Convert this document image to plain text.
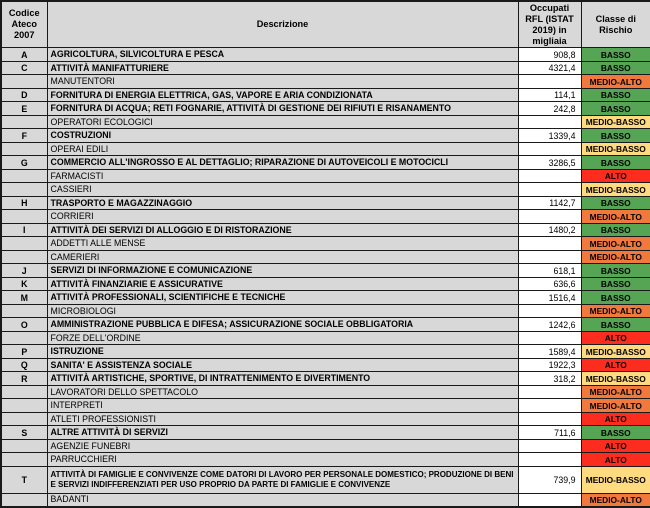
Codice Ateco 2007	Descrizione	Occupati RFL (ISTAT 2019) in migliaia	Classe di Rischio
A	AGRICOLTURA, SILVICOLTURA E PESCA	908,8	BASSO
C	ATTIVITÀ MANIFATTURIERE	4321,4	BASSO
	MANUTENTORI		MEDIO-ALTO
D	FORNITURA DI ENERGIA ELETTRICA, GAS, VAPORE E ARIA CONDIZIONATA	114,1	BASSO
E	FORNITURA DI ACQUA; RETI FOGNARIE, ATTIVITÀ DI GESTIONE DEI RIFIUTI E RISANAMENTO	242,8	BASSO
	OPERATORI ECOLOGICI		MEDIO-BASSO
F	COSTRUZIONI	1339,4	BASSO
	OPERAI EDILI		MEDIO-BASSO
G	COMMERCIO ALL'INGROSSO E AL DETTAGLIO; RIPARAZIONE DI AUTOVEICOLI E MOTOCICLI	3286,5	BASSO
	FARMACISTI		ALTO
	CASSIERI		MEDIO-BASSO
H	TRASPORTO E MAGAZZINAGGIO	1142,7	BASSO
	CORRIERI		MEDIO-ALTO
I	ATTIVITÀ DEI SERVIZI DI ALLOGGIO E DI RISTORAZIONE	1480,2	BASSO
	ADDETTI ALLE MENSE		MEDIO-ALTO
	CAMERIERI		MEDIO-ALTO
J	SERVIZI DI INFORMAZIONE E COMUNICAZIONE	618,1	BASSO
K	ATTIVITÀ FINANZIARIE E ASSICURATIVE	636,6	BASSO
M	ATTIVITÀ PROFESSIONALI, SCIENTIFICHE E TECNICHE	1516,4	BASSO
	MICROBIOLOGI		MEDIO-ALTO
O	AMMINISTRAZIONE PUBBLICA E DIFESA; ASSICURAZIONE SOCIALE OBBLIGATORIA	1242,6	BASSO
	FORZE DELL'ORDINE		ALTO
P	ISTRUZIONE	1589,4	MEDIO-BASSO
Q	SANITA' E ASSISTENZA SOCIALE	1922,3	ALTO
R	ATTIVITÀ ARTISTICHE, SPORTIVE, DI INTRATTENIMENTO E DIVERTIMENTO	318,2	MEDIO-BASSO
	LAVORATORI DELLO SPETTACOLO		MEDIO-ALTO
	INTERPRETI		MEDIO-ALTO
	ATLETI PROFESSIONISTI		ALTO
S	ALTRE ATTIVITÀ DI SERVIZI	711,6	BASSO
	AGENZIE FUNEBRI		ALTO
	PARRUCCHIERI		ALTO
T	ATTIVITÀ DI FAMIGLIE E CONVIVENZE COME DATORI DI LAVORO PER PERSONALE DOMESTICO; PRODUZIONE DI BENI E SERVIZI INDIFFERENZIATI PER USO PROPRIO DA PARTE DI FAMIGLIE E CONVIVENZE	739,9	MEDIO-BASSO
	BADANTI		MEDIO-ALTO
